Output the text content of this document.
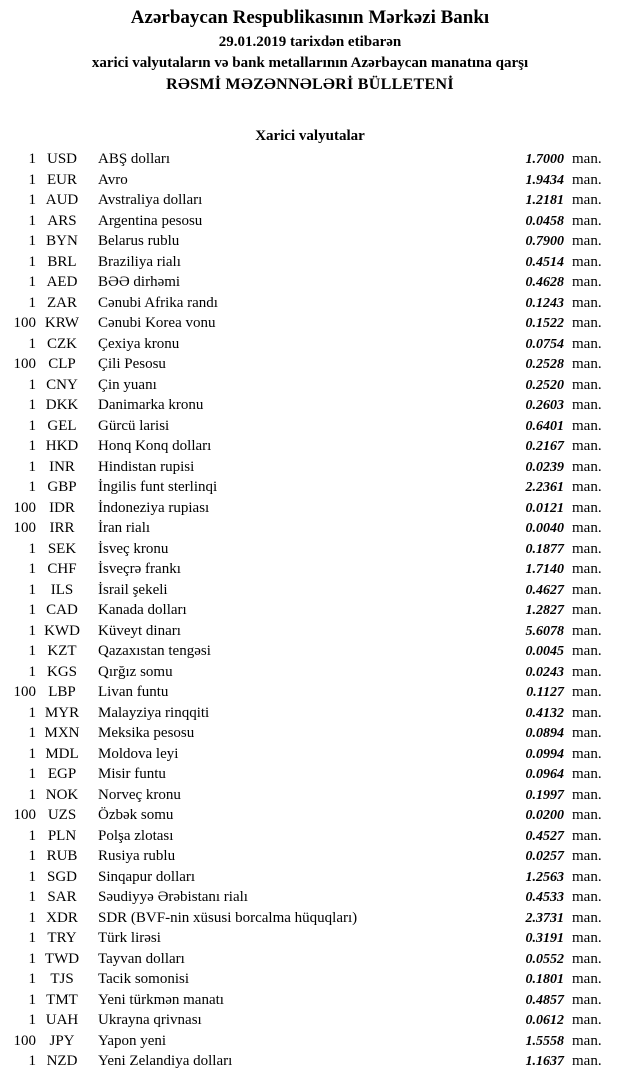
Azərbaycan Respublikasının Mərkəzi Bankı
29.01.2019 tarixdən etibarən
xarici valyutaların və bank metallarının Azərbaycan manatına qarşı
RƏSMİ MƏZƏNNƏLƏRİ BÜLLETENİ
Xarici valyutalar
1 USD	ABŞ dolları	1.7000 man.
1 EUR	Avro	1.9434 man.
1 AUD	Avstraliya dolları	1.2181 man.
1 ARS	Argentina pesosu	0.0458 man.
1 BYN	Belarus rublu	0.7900 man.
1 BRL	Braziliya rialı	0.4514 man.
1 AED	BƏƏ dirhəmi	0.4628 man.
1 ZAR	Cənubi Afrika randı	0.1243 man.
100 KRW	Cənubi Korea vonu	0.1522 man.
1 CZK	Çexiya kronu	0.0754 man.
100 CLP	Çili Pesosu	0.2528 man.
1 CNY	Çin yuanı	0.2520 man.
1 DKK	Danimarka kronu	0.2603 man.
1 GEL	Gürcü larisi	0.6401 man.
1 HKD	Honq Konq dolları	0.2167 man.
1 INR	Hindistan rupisi	0.0239 man.
1 GBP	İngilis funt sterlinqi	2.2361 man.
100 IDR	İndoneziya rupiası	0.0121 man.
100 IRR	İran rialı	0.0040 man.
1 SEK	İsveç kronu	0.1877 man.
1 CHF	İsveçrə frankı	1.7140 man.
1 ILS	İsrail şekeli	0.4627 man.
1 CAD	Kanada dolları	1.2827 man.
1 KWD	Küveyt dinarı	5.6078 man.
1 KZT	Qazaxıstan tengəsi	0.0045 man.
1 KGS	Qırğız somu	0.0243 man.
100 LBP	Livan funtu	0.1127 man.
1 MYR	Malayziya rinqqiti	0.4132 man.
1 MXN	Meksika pesosu	0.0894 man.
1 MDL	Moldova leyi	0.0994 man.
1 EGP	Misir funtu	0.0964 man.
1 NOK	Norveç kronu	0.1997 man.
100 UZS	Özbək somu	0.0200 man.
1 PLN	Polşa zlotası	0.4527 man.
1 RUB	Rusiya rublu	0.0257 man.
1 SGD	Sinqapur dolları	1.2563 man.
1 SAR	Səudiyyə Ərəbistanı rialı	0.4533 man.
1 XDR	SDR (BVF-nin xüsusi borcalma hüquqları)	2.3731 man.
1 TRY	Türk lirəsi	0.3191 man.
1 TWD	Tayvan dolları	0.0552 man.
1 TJS	Tacik somonisi	0.1801 man.
1 TMT	Yeni türkmən manatı	0.4857 man.
1 UAH	Ukrayna qrivnası	0.0612 man.
100 JPY	Yapon yeni	1.5558 man.
1 NZD	Yeni Zelandiya dolları	1.1637 man.
